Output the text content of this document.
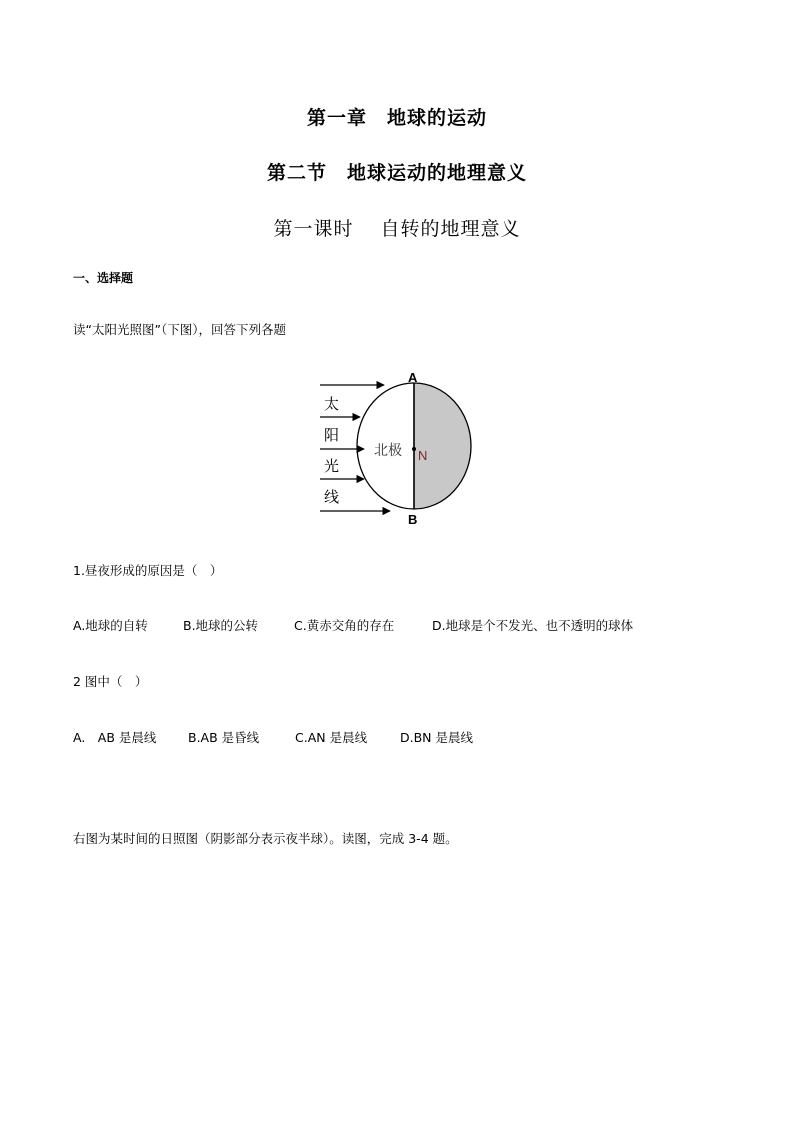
第一章　地球的运动
第二节　地球运动的地理意义
第一课时　 自转的地理意义
一、选择题
读“太阳光照图”（下图），回答下列各题
太
阳
光
线
A
B
北极 N
1.昼夜形成的原因是（　）
A.地球的自转	B.地球的公转	C.黄赤交角的存在	D.地球是个不发光、也不透明的球体
2 图中（　）
A.　AB 是晨线	B.AB 是昏线	C.AN 是晨线	D.BN 是晨线
右图为某时间的日照图（阴影部分表示夜半球）。读图，完成 3-4 题。
